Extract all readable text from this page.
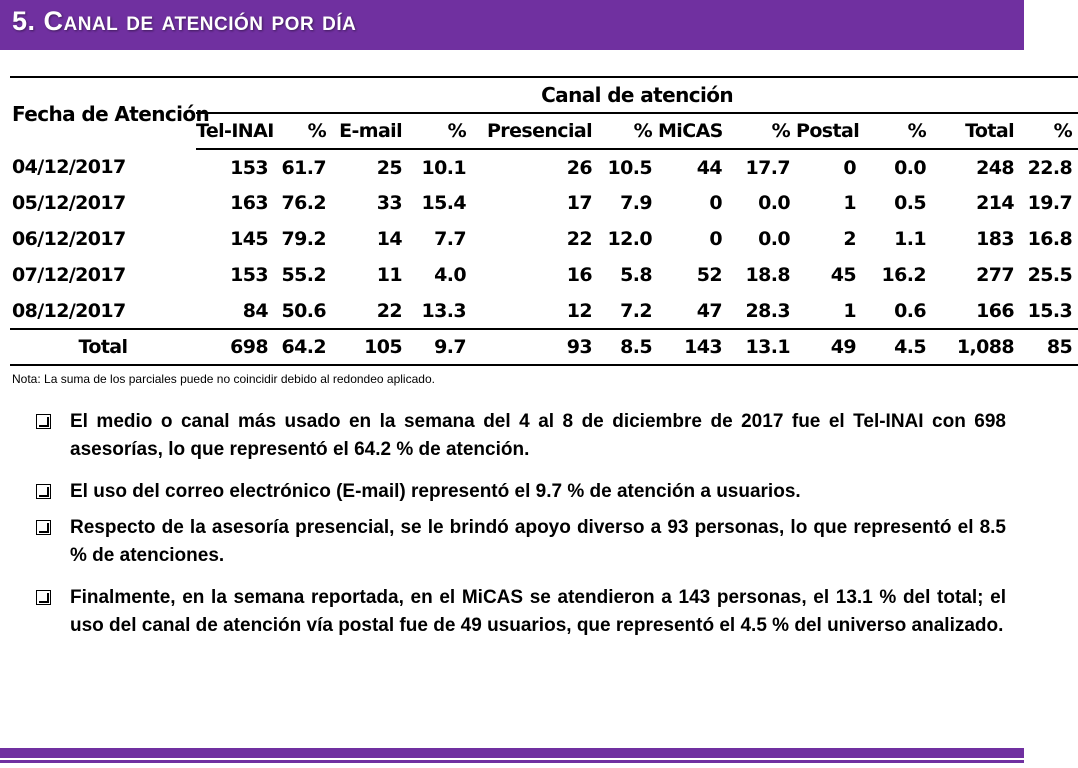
5. Canal de atención por día
Fecha de Atención	Canal de atención											
	Tel-INAI	%	E-mail	%	Presencial	%	MiCAS	%	Postal	%	Total	%
04/12/2017	153	61.7	25	10.1	26	10.5	44	17.7	0	0.0	248	22.8
05/12/2017	163	76.2	33	15.4	17	7.9	0	0.0	1	0.5	214	19.7
06/12/2017	145	79.2	14	7.7	22	12.0	0	0.0	2	1.1	183	16.8
07/12/2017	153	55.2	11	4.0	16	5.8	52	18.8	45	16.2	277	25.5
08/12/2017	84	50.6	22	13.3	12	7.2	47	28.3	1	0.6	166	15.3
Total	698	64.2	105	9.7	93	8.5	143	13.1	49	4.5	1,088	85
Nota: La suma de los parciales puede no coincidir debido al redondeo aplicado.
El medio o canal más usado en la semana del 4 al 8 de diciembre de 2017 fue el Tel-INAI con 698 asesorías, lo que representó el 64.2 % de atención.
El uso del correo electrónico (E-mail) representó el 9.7 % de atención a usuarios.
Respecto de la asesoría presencial, se le brindó apoyo diverso a 93 personas, lo que representó el 8.5 % de atenciones.
Finalmente, en la semana reportada, en el MiCAS se atendieron a 143 personas, el 13.1 % del total; el uso del canal de atención vía postal fue de 49 usuarios, que representó el 4.5 % del universo analizado.
